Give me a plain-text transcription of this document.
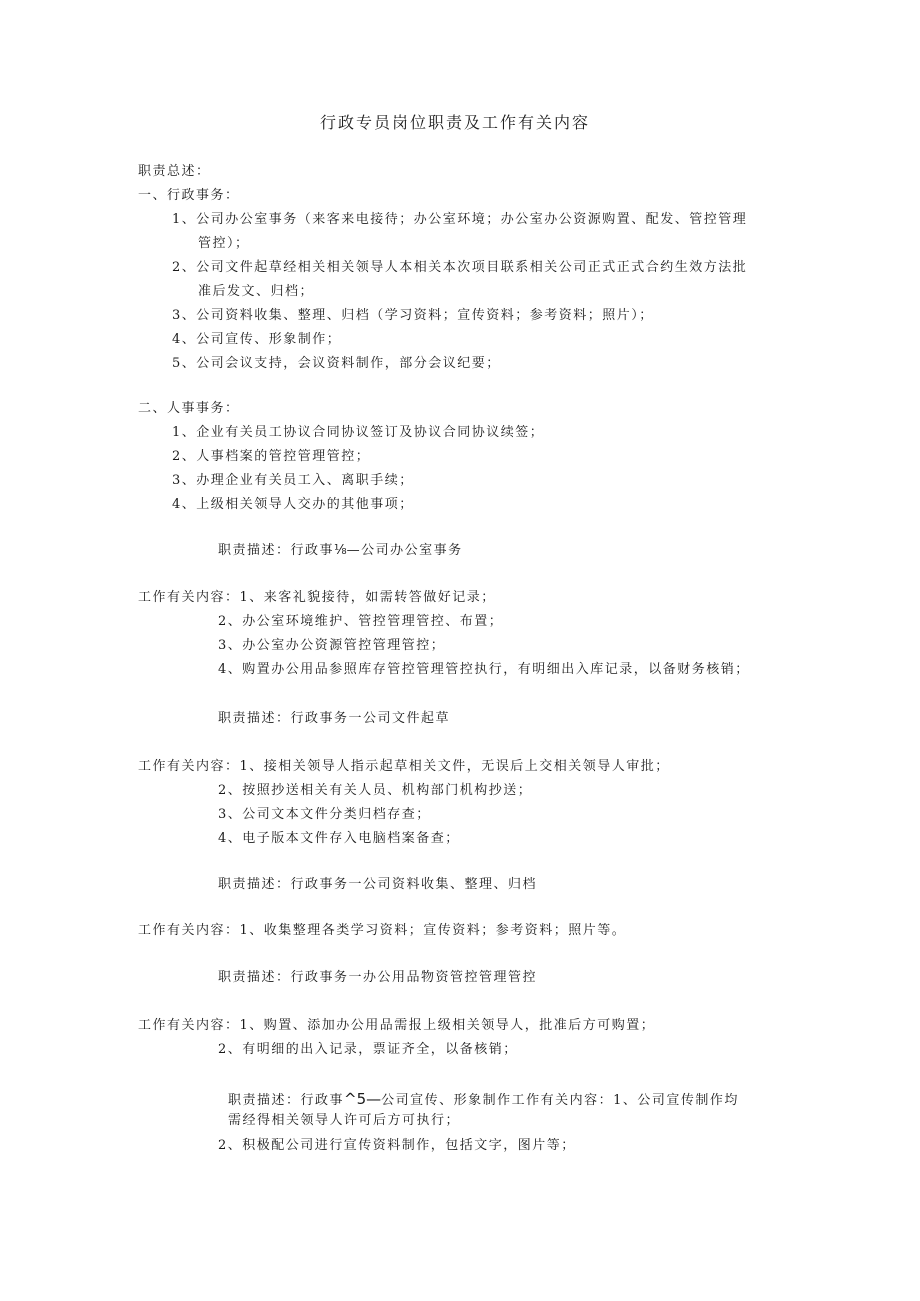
行政专员岗位职责及工作有关内容
职责总述：
一、行政事务：
1、公司办公室事务（来客来电接待；办公室环境；办公室办公资源购置、配发、管控管理
管控）；
2、公司文件起草经相关相关领导人本相关本次项目联系相关公司正式正式合约生效方法批
准后发文、归档；
3、公司资料收集、整理、归档（学习资料；宣传资料；参考资料；照片）；
4、公司宣传、形象制作；
5、公司会议支持，会议资料制作，部分会议纪要；
二、人事事务：
1、企业有关员工协议合同协议签订及协议合同协议续签；
2、人事档案的管控管理管控；
3、办理企业有关员工入、离职手续；
4、上级相关领导人交办的其他事项；
职责描述：行政事⅛—公司办公室事务
工作有关内容：1、来客礼貌接待，如需转答做好记录；
2、办公室环境维护、管控管理管控、布置；
3、办公室办公资源管控管理管控；
4、购置办公用品参照库存管控管理管控执行，有明细出入库记录，以备财务核销；
职责描述：行政事务一公司文件起草
工作有关内容：1、接相关领导人指示起草相关文件，无误后上交相关领导人审批；
2、按照抄送相关有关人员、机构部门机构抄送；
3、公司文本文件分类归档存查；
4、电子版本文件存入电脑档案备查；
职责描述：行政事务一公司资料收集、整理、归档
工作有关内容：1、收集整理各类学习资料；宣传资料；参考资料；照片等。
职责描述：行政事务一办公用品物资管控管理管控
工作有关内容：1、购置、添加办公用品需报上级相关领导人，批准后方可购置；
2、有明细的出入记录，票证齐全，以备核销；
职责描述：行政事^5—公司宣传、形象制作工作有关内容：1、公司宣传制作均
需经得相关领导人许可后方可执行；
2、积极配公司进行宣传资料制作，包括文字，图片等；
